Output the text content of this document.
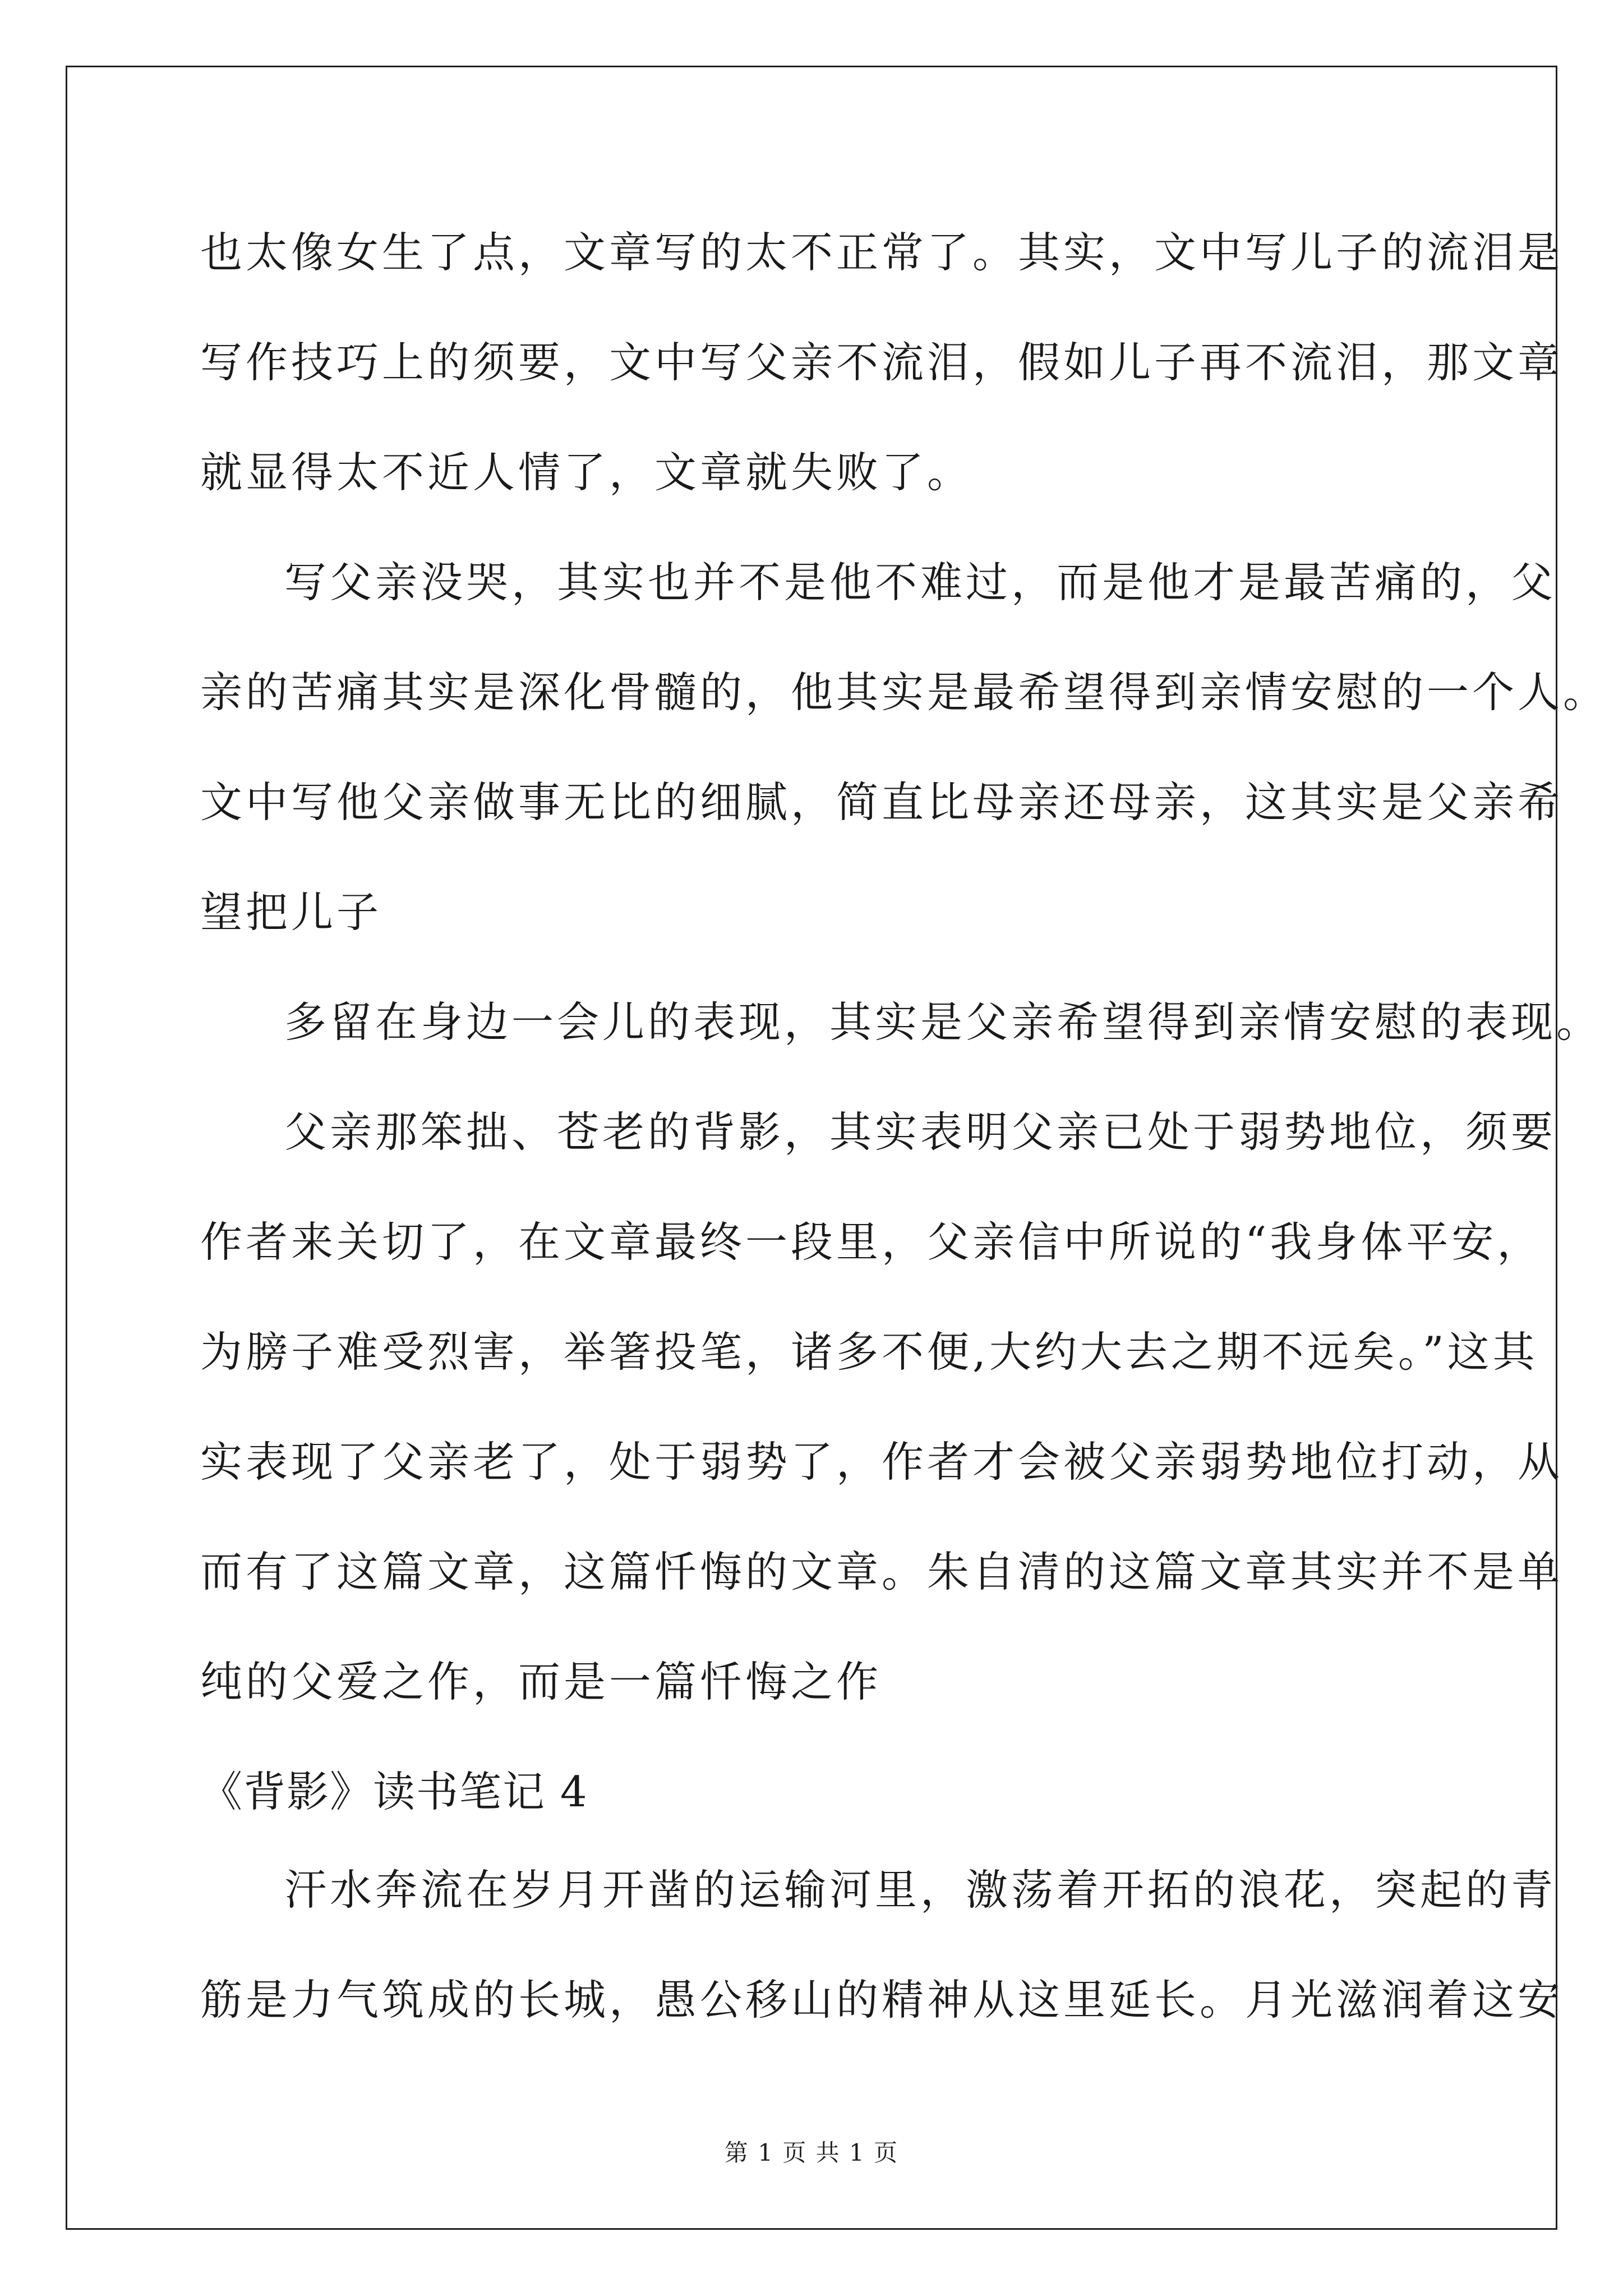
也太像女生了点，文章写的太不正常了。其实，文中写儿子的流泪是
写作技巧上的须要，文中写父亲不流泪，假如儿子再不流泪，那文章
就显得太不近人情了，文章就失败了。
写父亲没哭，其实也并不是他不难过，而是他才是最苦痛的，父
亲的苦痛其实是深化骨髓的，他其实是最希望得到亲情安慰的一个人。
文中写他父亲做事无比的细腻，简直比母亲还母亲，这其实是父亲希
望把儿子
多留在身边一会儿的表现，其实是父亲希望得到亲情安慰的表现。
父亲那笨拙、苍老的背影，其实表明父亲已处于弱势地位，须要
作者来关切了，在文章最终一段里，父亲信中所说的“我身体平安，
为膀子难受烈害，举箸投笔，诸多不便,大约大去之期不远矣。”这其
实表现了父亲老了，处于弱势了，作者才会被父亲弱势地位打动，从
而有了这篇文章，这篇忏悔的文章。朱自清的这篇文章其实并不是单
纯的父爱之作，而是一篇忏悔之作
《背影》读书笔记 4
汗水奔流在岁月开凿的运输河里，激荡着开拓的浪花，突起的青
筋是力气筑成的长城，愚公移山的精神从这里延长。月光滋润着这安
第 1 页 共 1 页
